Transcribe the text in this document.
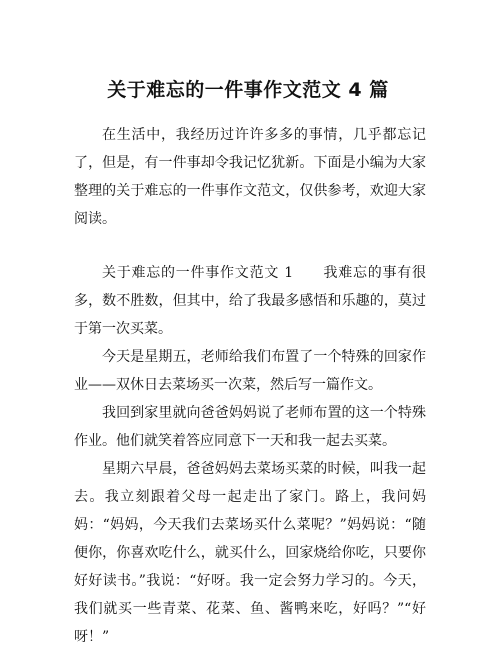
关于难忘的一件事作文范文 4 篇

在生活中，我经历过许许多多的事情，几乎都忘记了，但是，有一件事却令我记忆犹新。下面是小编为大家整理的关于难忘的一件事作文范文，仅供参考，欢迎大家阅读。

关于难忘的一件事作文范文 1　　我难忘的事有很多，数不胜数，但其中，给了我最多感悟和乐趣的，莫过于第一次买菜。

今天是星期五，老师给我们布置了一个特殊的回家作业——双休日去菜场买一次菜，然后写一篇作文。

我回到家里就向爸爸妈妈说了老师布置的这一个特殊作业。他们就笑着答应同意下一天和我一起去买菜。

星期六早晨，爸爸妈妈去菜场买菜的时候，叫我一起去。我立刻跟着父母一起走出了家门。路上，我问妈妈：“妈妈，今天我们去菜场买什么菜呢？”妈妈说：“随便你，你喜欢吃什么，就买什么，回家烧给你吃，只要你好好读书。”我说：“好呀。我一定会努力学习的。今天，我们就买一些青菜、花菜、鱼、酱鸭来吃，好吗？”“好呀！”
